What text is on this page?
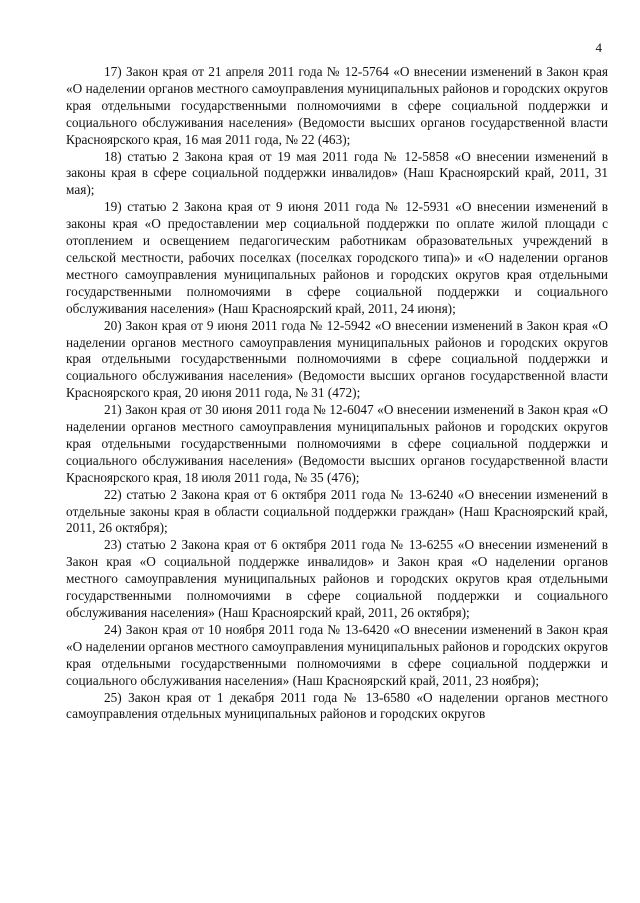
4

17) Закон края от 21 апреля 2011 года № 12-5764 «О внесении изменений в Закон края «О наделении органов местного самоуправления муниципальных районов и городских округов края отдельными государственными полномочиями в сфере социальной поддержки и социального обслуживания населения» (Ведомости высших органов государственной власти Красноярского края, 16 мая 2011 года, № 22 (463);

18) статью 2 Закона края от 19 мая 2011 года № 12-5858 «О внесении изменений в законы края в сфере социальной поддержки инвалидов» (Наш Красноярский край, 2011, 31 мая);

19) статью 2 Закона края от 9 июня 2011 года № 12-5931 «О внесении изменений в законы края «О предоставлении мер социальной поддержки по оплате жилой площади с отоплением и освещением педагогическим работникам образовательных учреждений в сельской местности, рабочих поселках (поселках городского типа)» и «О наделении органов местного самоуправления муниципальных районов и городских округов края отдельными государственными полномочиями в сфере социальной поддержки и социального обслуживания населения» (Наш Красноярский край, 2011, 24 июня);

20) Закон края от 9 июня 2011 года № 12-5942 «О внесении изменений в Закон края «О наделении органов местного самоуправления муниципальных районов и городских округов края отдельными государственными полномочиями в сфере социальной поддержки и социального обслуживания населения» (Ведомости высших органов государственной власти Красноярского края, 20 июня 2011 года, № 31 (472);

21) Закон края от 30 июня 2011 года № 12-6047 «О внесении изменений в Закон края «О наделении органов местного самоуправления муниципальных районов и городских округов края отдельными государственными полномочиями в сфере социальной поддержки и социального обслуживания населения» (Ведомости высших органов государственной власти Красноярского края, 18 июля 2011 года, № 35 (476);

22) статью 2 Закона края от 6 октября 2011 года № 13-6240 «О внесении изменений в отдельные законы края в области социальной поддержки граждан» (Наш Красноярский край, 2011, 26 октября);

23) статью 2 Закона края от 6 октября 2011 года № 13-6255 «О внесении изменений в Закон края «О социальной поддержке инвалидов» и Закон края «О наделении органов местного самоуправления муниципальных районов и городских округов края отдельными государственными полномочиями в сфере социальной поддержки и социального обслуживания населения» (Наш Красноярский край, 2011, 26 октября);

24) Закон края от 10 ноября 2011 года № 13-6420 «О внесении изменений в Закон края «О наделении органов местного самоуправления муниципальных районов и городских округов края отдельными государственными полномочиями в сфере социальной поддержки и социального обслуживания населения» (Наш Красноярский край, 2011, 23 ноября);

25) Закон края от 1 декабря 2011 года № 13-6580 «О наделении органов местного самоуправления отдельных муниципальных районов и городских округов
